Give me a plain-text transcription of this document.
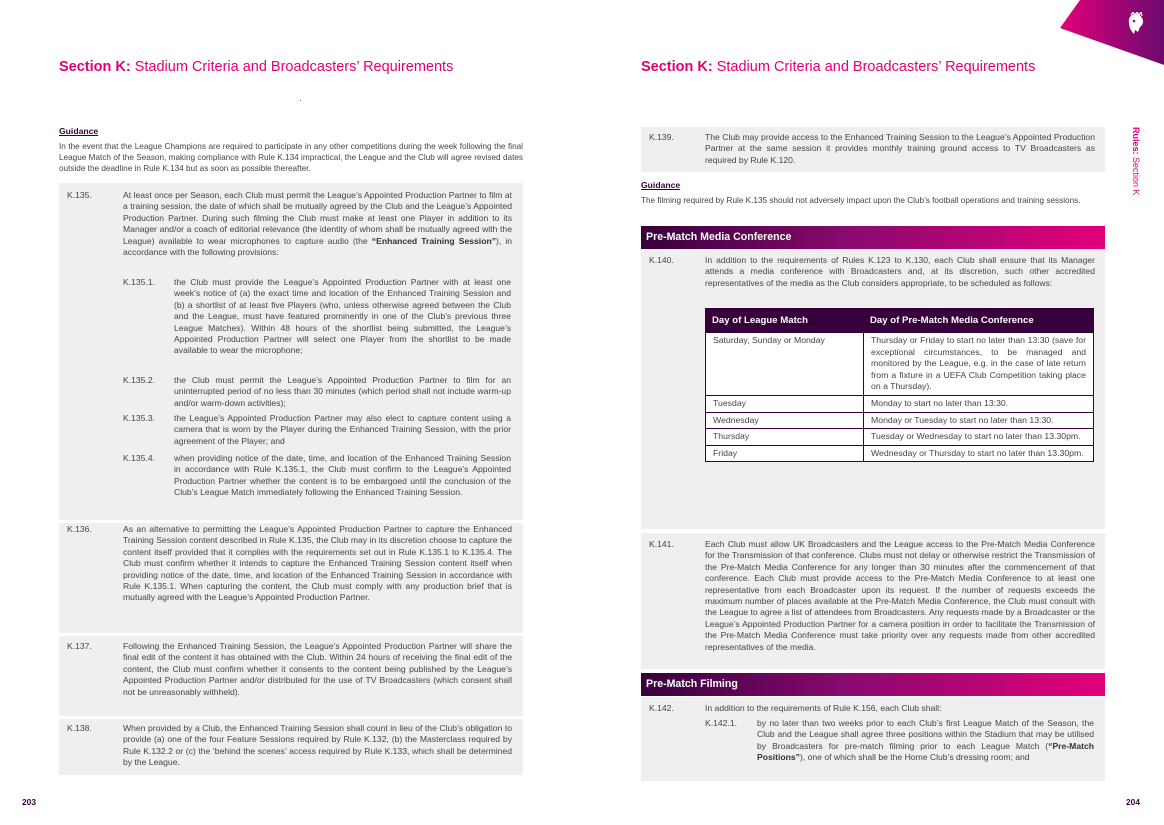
Section K: Stadium Criteria and Broadcasters’ Requirements
Guidance
In the event that the League Champions are required to participate in any other competitions during the week following the final League Match of the Season, making compliance with Rule K.134 impractical, the League and the Club will agree revised dates outside the deadline in Rule K.134 but as soon as possible thereafter.
K.135.	At least once per Season, each Club must permit the League’s Appointed Production Partner to film at a training session, the date of which shall be mutually agreed by the Club and the League’s Appointed Production Partner. During such filming the Club must make at least one Player in addition to its Manager and/or a coach of editorial relevance (the identity of whom shall be mutually agreed with the League) available to wear microphones to capture audio (the “Enhanced Training Session”), in accordance with the following provisions:
K.135.1. the Club must provide the League’s Appointed Production Partner with at least one week’s notice of (a) the exact time and location of the Enhanced Training Session and (b) a shortlist of at least five Players (who, unless otherwise agreed between the Club and the League, must have featured prominently in one of the Club’s previous three League Matches). Within 48 hours of the shortlist being submitted, the League’s Appointed Production Partner will select one Player from the shortlist to be made available to wear the microphone;
K.135.2. the Club must permit the League’s Appointed Production Partner to film for an uninterrupted period of no less than 30 minutes (which period shall not include warm-up and/or warm-down activities);
K.135.3. the League’s Appointed Production Partner may also elect to capture content using a camera that is worn by the Player during the Enhanced Training Session, with the prior agreement of the Player; and
K.135.4. when providing notice of the date, time, and location of the Enhanced Training Session in accordance with Rule K.135.1, the Club must confirm to the League’s Appointed Production Partner whether the content is to be embargoed until the conclusion of the Club’s League Match immediately following the Enhanced Training Session.
K.136.	As an alternative to permitting the League’s Appointed Production Partner to capture the Enhanced Training Session content described in Rule K.135, the Club may in its discretion choose to capture the content itself provided that it complies with the requirements set out in Rule K.135.1 to K.135.4. The Club must confirm whether it intends to capture the Enhanced Training Session content itself when providing notice of the date, time, and location of the Enhanced Training Session in accordance with Rule K.135.1. When capturing the content, the Club must comply with any production brief that is mutually agreed with the League’s Appointed Production Partner.
K.137.	Following the Enhanced Training Session, the League’s Appointed Production Partner will share the final edit of the content it has obtained with the Club. Within 24 hours of receiving the final edit of the content, the Club must confirm whether it consents to the content being published by the League’s Appointed Production Partner and/or distributed for the use of TV Broadcasters (which consent shall not be unreasonably withheld).
K.138.	When provided by a Club, the Enhanced Training Session shall count in lieu of the Club’s obligation to provide (a) one of the four Feature Sessions required by Rule K.132, (b) the Masterclass required by Rule K.132.2 or (c) the ‘behind the scenes’ access required by Rule K.133, which shall be determined by the League.
203
Section K: Stadium Criteria and Broadcasters’ Requirements
Rules: Section K
K.139.	The Club may provide access to the Enhanced Training Session to the League’s Appointed Production Partner at the same session it provides monthly training ground access to TV Broadcasters as required by Rule K.120.
Guidance
The filming required by Rule K.135 should not adversely impact upon the Club’s football operations and training sessions.
Pre-Match Media Conference
K.140.	In addition to the requirements of Rules K.123 to K.130, each Club shall ensure that its Manager attends a media conference with Broadcasters and, at its discretion, such other accredited representatives of the media as the Club considers appropriate, to be scheduled as follows:
Day of League Match	Day of Pre-Match Media Conference
Saturday, Sunday or Monday	Thursday or Friday to start no later than 13:30 (save for exceptional circumstances, to be managed and monitored by the League, e.g. in the case of late return from a fixture in a UEFA Club Competition taking place on a Thursday).
Tuesday	Monday to start no later than 13:30.
Wednesday	Monday or Tuesday to start no later than 13:30.
Thursday	Tuesday or Wednesday to start no later than 13.30pm.
Friday	Wednesday or Thursday to start no later than 13.30pm.
K.141.	Each Club must allow UK Broadcasters and the League access to the Pre-Match Media Conference for the Transmission of that conference. Clubs must not delay or otherwise restrict the Transmission of the Pre-Match Media Conference for any longer than 30 minutes after the commencement of that conference. Each Club must provide access to the Pre-Match Media Conference to at least one representative from each Broadcaster upon its request. If the number of requests exceeds the maximum number of places available at the Pre-Match Media Conference, the Club must consult with the League to agree a list of attendees from Broadcasters. Any requests made by a Broadcaster or the League’s Appointed Production Partner for a camera position in order to facilitate the Transmission of the Pre-Match Media Conference must take priority over any requests made from other accredited representatives of the media.
Pre-Match Filming
K.142.	In addition to the requirements of Rule K.156, each Club shall:
K.142.1. by no later than two weeks prior to each Club’s first League Match of the Season, the Club and the League shall agree three positions within the Stadium that may be utilised by Broadcasters for pre-match filming prior to each League Match (“Pre-Match Positions”), one of which shall be the Home Club’s dressing room; and
204
